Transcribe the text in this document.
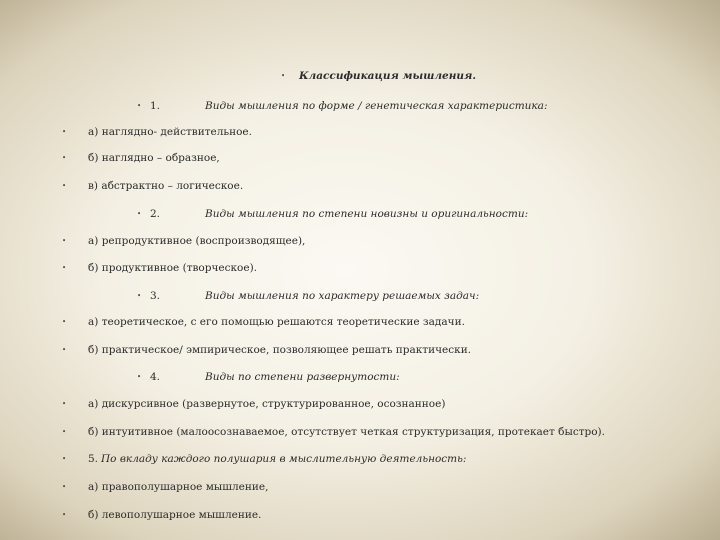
• Классификация мышления.
• 1.	Виды мышления по форме / генетическая характеристика:
• а) наглядно- действительное.
• б) наглядно – образное,
• в) абстрактно – логическое.
• 2.	Виды мышления по степени новизны и оригинальности:
• а) репродуктивное (воспроизводящее),
• б) продуктивное (творческое).
• 3.	Виды мышления по характеру решаемых задач:
• а) теоретическое, с его помощью решаются теоретические задачи.
• б) практическое/ эмпирическое, позволяющее решать практически.
• 4.	Виды по степени развернутости:
• а) дискурсивное (развернутое, структурированное, осознанное)
• б) интуитивное (малоосознаваемое, отсутствует четкая структуризация, протекает быстро).
• 5. По вкладу каждого полушария в мыслительную деятельность:
• а) правополушарное мышление,
• б) левополушарное мышление.
